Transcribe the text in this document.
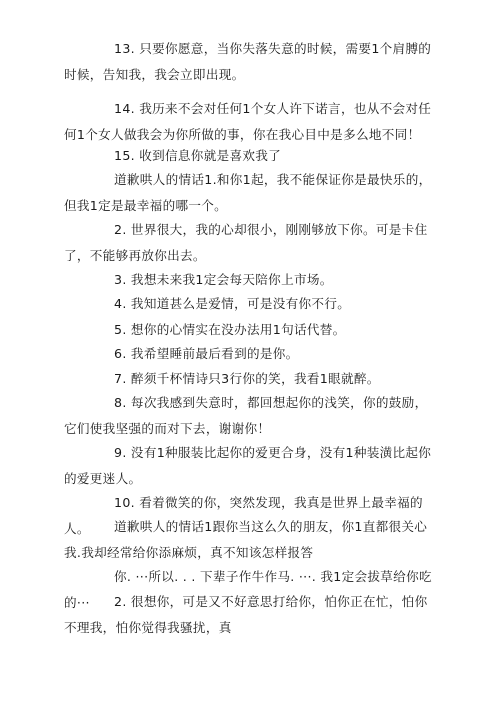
13. 只要你愿意，当你失落失意的时候，需要1个肩膊的时候，告知我，我会立即出现。

14. 我历来不会对任何1个女人许下诺言，也从不会对任何1个女人做我会为你所做的事，你在我心目中是多么地不同！

15. 收到信息你就是喜欢我了

道歉哄人的情话1.和你1起，我不能保证你是最快乐的，但我1定是最幸福的哪一个。

2. 世界很大，我的心却很小，刚刚够放下你。可是卡住了，不能够再放你出去。

3. 我想未来我1定会每天陪你上市场。

4. 我知道甚么是爱情，可是没有你不行。

5. 想你的心情实在没办法用1句话代替。

6. 我希望睡前最后看到的是你。

7. 醉须千杯情诗只3行你的笑，我看1眼就醉。

8. 每次我感到失意时，都回想起你的浅笑，你的鼓励，它们使我坚强的而对下去，谢谢你！

9. 没有1种服装比起你的爱更合身，没有1种装潢比起你的爱更迷人。

10. 看着微笑的你，突然发现，我真是世界上最幸福的人。	道歉哄人的情话1跟你当这么久的朋友，你1直都很关心我.我却经常给你添麻烦，真不知该怎样报答

你. ···所以. . . 下辈子作牛作马. ···. 我1定会拔草给你吃 的···	2. 很想你，可是又不好意思打给你，怕你正在忙，怕你不理我，怕你觉得我骚扰，真
